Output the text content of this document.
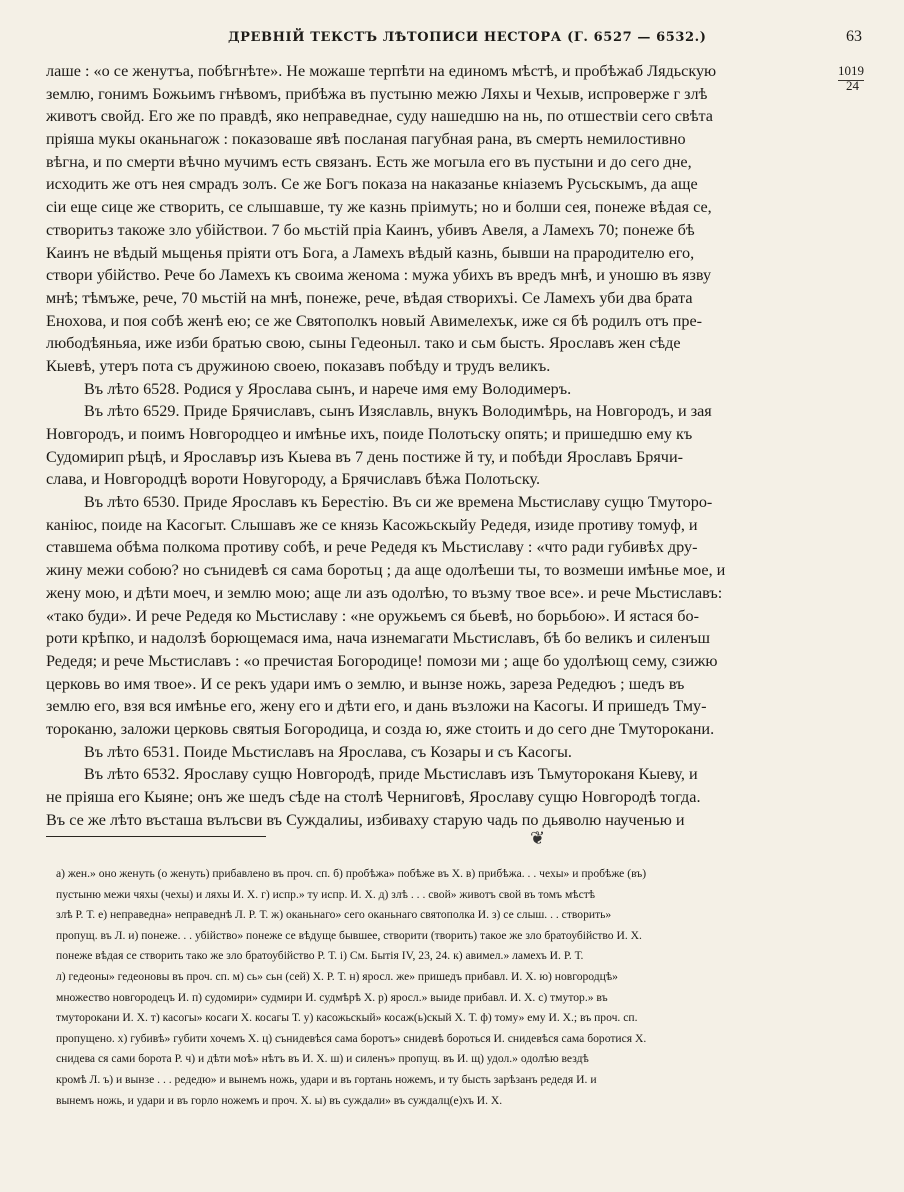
ДРЕВНІЙ ТЕКСТЪ ЛѢТОПИСИ НЕСТОРА (Г. 6527 — 6532.)	63
1019
24
лаше : «о се женутъа, побѣгнѣте». Не можаше терпѣти на единомъ мѣстѣ, и пробѣжаб Лядьскую
землю, гонимъ Божьимъ гнѣвомъ, прибѣжа въ пустыню межю Ляхы и Чехыв, испроверже г злѣ
животъ свойд. Его же по правдѣ, яко неправеднае, суду нашедшю на нь, по отшествіи сего свѣта
пріяша мукы оканьнагож : показоваше явѣ посланая пагубная рана, въ смерть немилостивно
вѣгна, и по смерти вѣчно мучимъ есть связанъ. Есть же могыла его въ пустыни и до сего дне,
исходить же отъ нея смрадъ золъ. Се же Богъ показа на наказанье кнiаземъ Русьскымъ, да аще
сіи еще сице же створить, се слышавше, ту же казнь пріимуть; но и болши сея, понеже вѣдая се,
створитьз такоже зло убійствои. 7 бо мьстій пріа Каинъ, убивъ Авеля, а Ламехъ 70; понеже бѣ
Каинъ не вѣдый мьщенья пріяти отъ Бога, а Ламехъ вѣдый казнь, бывши на прародителю его,
створи убійство. Рече бо Ламехъ къ своима женома : мужа убихъ въ вредъ мнѣ, и уношю въ язву
мнѣ; тѣмъже, рече, 70 мьстій на мнѣ, понеже, рече, вѣдая створихъі. Се Ламехъ уби два брата
Енохова, и поя собѣ женѣ ею; се же Святополкъ новый Авимелехък, иже ся бѣ родилъ отъ пре-
любодѣяньяа, иже изби братью свою, сыны Гедеоныл. тако и сьм бысть. Ярославъ жен сѣде
Кыевѣ, утеръ пота съ дружиною своею, показавъ побѣду и трудъ великъ.
Въ лѣто 6528. Родися у Ярослава сынъ, и нарече имя ему Володимеръ.
Въ лѣто 6529. Приде Брячиславъ, сынъ Изяславль, внукъ Володимѣрь, на Новгородъ, и зая
Новгородъ, и поимъ Новгородцео и имѣнье ихъ, поиде Полотьску опять; и пришедшю ему къ
Судомирип рѣцѣ, и Ярославър изъ Кыева въ 7 день постиже й ту, и побѣди Ярославъ Брячи-
слава, и Новгородцѣ вороти Новугороду, а Брячиславъ бѣжа Полотьску.
Въ лѣто 6530. Приде Ярославъ къ Берестію. Въ си же времена Мьстиславу сущю Тмуторо-
каніюс, поиде на Касогыт. Слышавъ же се князь Касожьскыйу Редедя, изиде противу томуф, и
ставшема обѣма полкома противу собѣ, и рече Редедя къ Мьстиславу : «что ради губивѣх дру-
жину межи собою? но сънидевѣ ся сама боротьц ; да аще одолѣеши ты, то возмеши имѣнье мое, и
жену мою, и дѣти моеч, и землю мою; аще ли азъ одолѣю, то възму твое все». и рече Мьстиславъ:
«тако буди». И рече Редедя ко Мьстиславу : «не оружьемъ ся бьевѣ, но борьбою». И ястася бо-
роти крѣпко, и надолзѣ борющемася има, нача изнемагати Мьстиславъ, бѣ бо великъ и силенъш
Редедя; и рече Мьстиславъ : «о пречистая Богородице! помози ми ; аще бо удолѣющ сему, сзижю
церковь во имя твое». И се рекъ удари имъ о землю, и вынзе ножь, зареза Редедюъ ; шедъ въ
землю его, взя вся имѣнье его, жену его и дѣти его, и дань възложи на Касогы. И пришедъ Тму-
тороканю, заложи церковь святыя Богородица, и созда ю, яже стоить и до сего дне Тмуторокани.
Въ лѣто 6531. Поиде Мьстиславъ на Ярослава, съ Козары и съ Касогы.
Въ лѣто 6532. Ярославу сущю Новгородѣ, приде Мьстиславъ изъ Тьмутороканя Кыеву, и
не пріяша его Кыяне; онъ же шедъ сѣде на столѣ Черниговѣ, Ярославу сущю Новгородѣ тогда.
Въ се же лѣто въсташа вълъсви въ Суждалиы, избиваху старую чадь по дьяволю наученью и
❦
а) жен.» оно женуть (о женуть) прибавлено въ проч. сп. б) пробѣжа» побѣже въ Х. в) прибѣжа. . . чехы» и пробѣже (въ)
пустыню межи чяхы (чехы) и ляхы И. Х. г) испр.» ту испр. И. Х. д) злѣ . . . свой» животъ свой въ томъ мѣстѣ
злѣ Р. Т. е) неправедна» неправеднѣ Л. Р. Т. ж) оканьнаго» сего оканьнаго святополка И. з) се слыш. . . створить»
пропущ. въ Л. и) понеже. . . убійство» понеже се вѣдуще бывшее, створити (творить) такое же зло братоубійство И. Х.
понеже вѣдая се створить тако же зло братоубійство Р. Т. і) См. Бытія IV, 23, 24. к) авимел.» ламехъ И. Р. Т.
л) гедеоны» гедеоновы въ проч. сп. м) сь» сьн (сей) Х. Р. Т. н) яросл. же» пришедъ прибавл. И. Х. ю) новгородцѣ»
множество новгородецъ И. п) судомири» судмири И. судмѣрѣ Х. р) яросл.» выиде прибавл. И. Х. с) тмутор.» въ
тмуторокани И. Х. т) касогы» косаги Х. косагы Т. у) касожьскый» косаж(ь)скый Х. Т. ф) тому» ему И. Х.; въ проч. сп.
пропущено. х) губивѣ» губити хочемъ Х. ц) сънидевѣся сама боротъ» снидевѣ бороться И. снидевѣся сама боротися Х.
снидева ся сами борота Р. ч) и дѣти моѣ» нѣтъ въ И. Х. ш) и силенъ» пропущ. въ И. щ) удол.» одолѣю вездѣ
кромѣ Л. ъ) и вынзе . . . редедю» и вынемъ ножь, удари и въ гортань ножемъ, и ту бысть зарѣзанъ редедя И. и
вынемъ ножь, и удари и въ горло ножемъ и проч. Х. ы) въ суждали» въ суждалц(е)хъ И. Х.
